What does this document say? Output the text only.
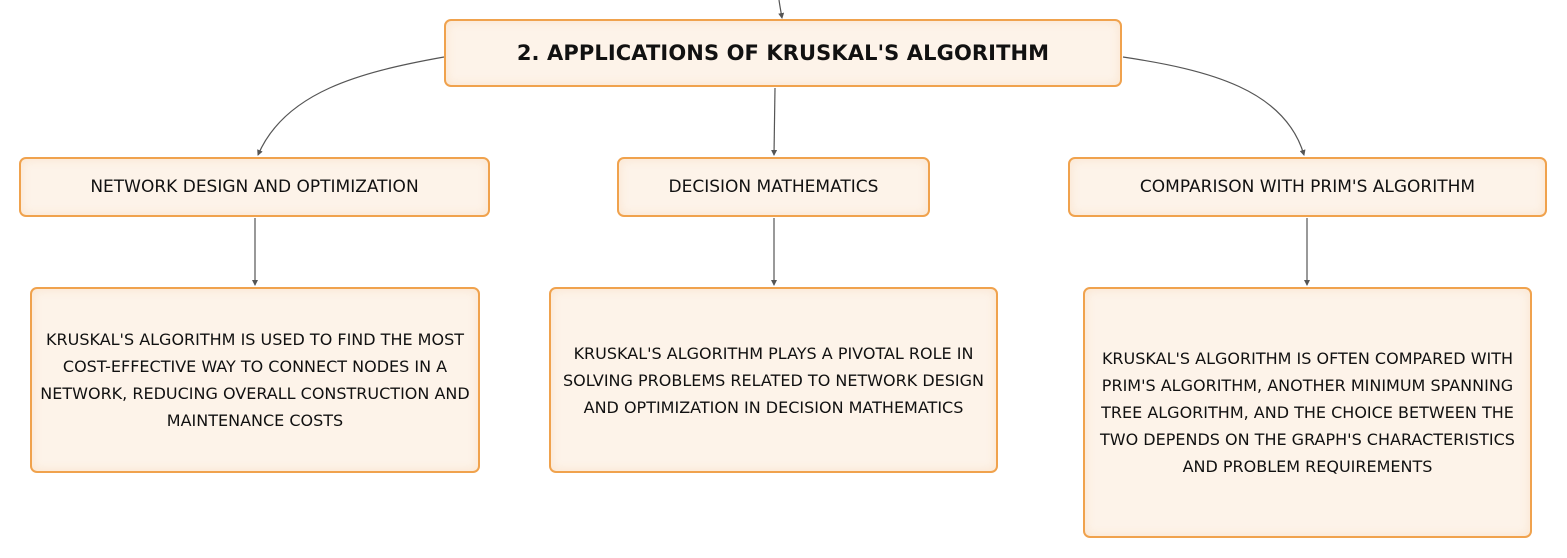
2. APPLICATIONS OF KRUSKAL'S ALGORITHM
NETWORK DESIGN AND OPTIMIZATION	DECISION MATHEMATICS	COMPARISON WITH PRIM'S ALGORITHM
KRUSKAL'S ALGORITHM IS USED TO FIND THE MOST COST-EFFECTIVE WAY TO CONNECT NODES IN A NETWORK, REDUCING OVERALL CONSTRUCTION AND MAINTENANCE COSTS
KRUSKAL'S ALGORITHM PLAYS A PIVOTAL ROLE IN SOLVING PROBLEMS RELATED TO NETWORK DESIGN AND OPTIMIZATION IN DECISION MATHEMATICS
KRUSKAL'S ALGORITHM IS OFTEN COMPARED WITH PRIM'S ALGORITHM, ANOTHER MINIMUM SPANNING TREE ALGORITHM, AND THE CHOICE BETWEEN THE TWO DEPENDS ON THE GRAPH'S CHARACTERISTICS AND PROBLEM REQUIREMENTS
